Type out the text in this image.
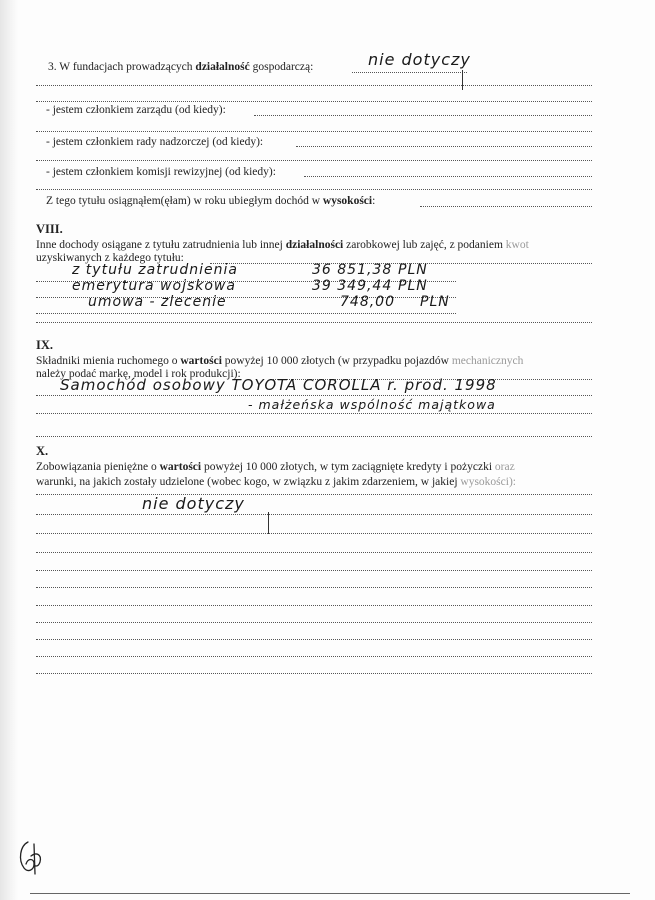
3. W fundacjach prowadzących działalność gospodarczą:	nie dotyczy
- jestem członkiem zarządu (od kiedy):
- jestem członkiem rady nadzorczej (od kiedy):
- jestem członkiem komisji rewizyjnej (od kiedy):
Z tego tytułu osiągnąłem(ęłam) w roku ubiegłym dochód w wysokości:
VIII.
Inne dochody osiągane z tytułu zatrudnienia lub innej działalności zarobkowej lub zajęć, z podaniem kwot
uzyskiwanych z każdego tytułu:
z tytułu zatrudnienia	36 851,38 PLN
emerytura wojskowa	39 349,44 PLN
umowa - zlecenie	748,00 PLN
IX.
Składniki mienia ruchomego o wartości powyżej 10 000 złotych (w przypadku pojazdów mechanicznych
należy podać markę, model i rok produkcji):
Samochód osobowy TOYOTA COROLLA r. prod. 1998
- małżeńska wspólność majątkowa
X.
Zobowiązania pieniężne o wartości powyżej 10 000 złotych, w tym zaciągnięte kredyty i pożyczki oraz
warunki, na jakich zostały udzielone (wobec kogo, w związku z jakim zdarzeniem, w jakiej wysokości):
nie dotyczy
